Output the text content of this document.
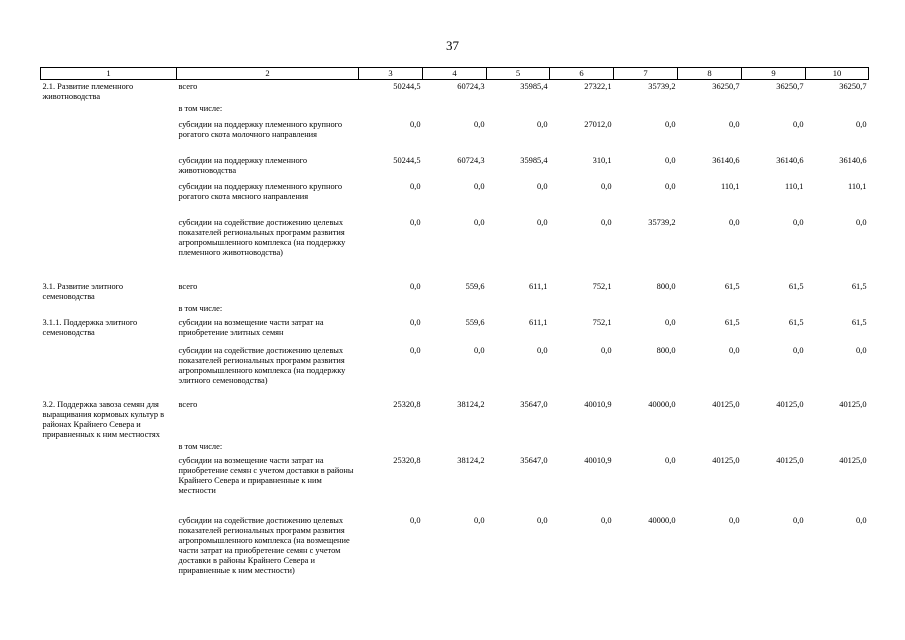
37
1	2	3	4	5	6	7	8	9	10
2.1. Развитие племенного животноводства	всего	50244,5	60724,3	35985,4	27322,1	35739,2	36250,7	36250,7	36250,7
	в том числе:								
	субсидии на поддержку племенного крупного рогатого скота молочного направления	0,0	0,0	0,0	27012,0	0,0	0,0	0,0	0,0
	субсидии на поддержку племенного животноводства	50244,5	60724,3	35985,4	310,1	0,0	36140,6	36140,6	36140,6
	субсидии на поддержку племенного крупного рогатого скота мясного направления	0,0	0,0	0,0	0,0	0,0	110,1	110,1	110,1
	субсидии на содействие достижению целевых показателей региональных программ развития агропромышленного комплекса (на поддержку племенного животноводства)	0,0	0,0	0,0	0,0	35739,2	0,0	0,0	0,0
3.1. Развитие элитного семеноводства	всего	0,0	559,6	611,1	752,1	800,0	61,5	61,5	61,5
	в том числе:								
3.1.1. Поддержка элитного семеноводства	субсидии на возмещение части затрат на приобретение элитных семян	0,0	559,6	611,1	752,1	0,0	61,5	61,5	61,5
	субсидии на содействие достижению целевых показателей региональных программ развития агропромышленного комплекса (на поддержку элитного семеноводства)	0,0	0,0	0,0	0,0	800,0	0,0	0,0	0,0
3.2. Поддержка завоза семян для выращивания кормовых культур в районах Крайнего Севера и приравненных к ним местностях	всего	25320,8	38124,2	35647,0	40010,9	40000,0	40125,0	40125,0	40125,0
	в том числе:								
	субсидии на возмещение части затрат на приобретение семян с учетом доставки в районы Крайнего Севера и приравненные к ним местности	25320,8	38124,2	35647,0	40010,9	0,0	40125,0	40125,0	40125,0
	субсидии на содействие достижению целевых показателей региональных программ развития агропромышленного комплекса (на возмещение части затрат на приобретение семян с учетом доставки в районы Крайнего Севера и приравненные к ним местности)	0,0	0,0	0,0	0,0	40000,0	0,0	0,0	0,0
